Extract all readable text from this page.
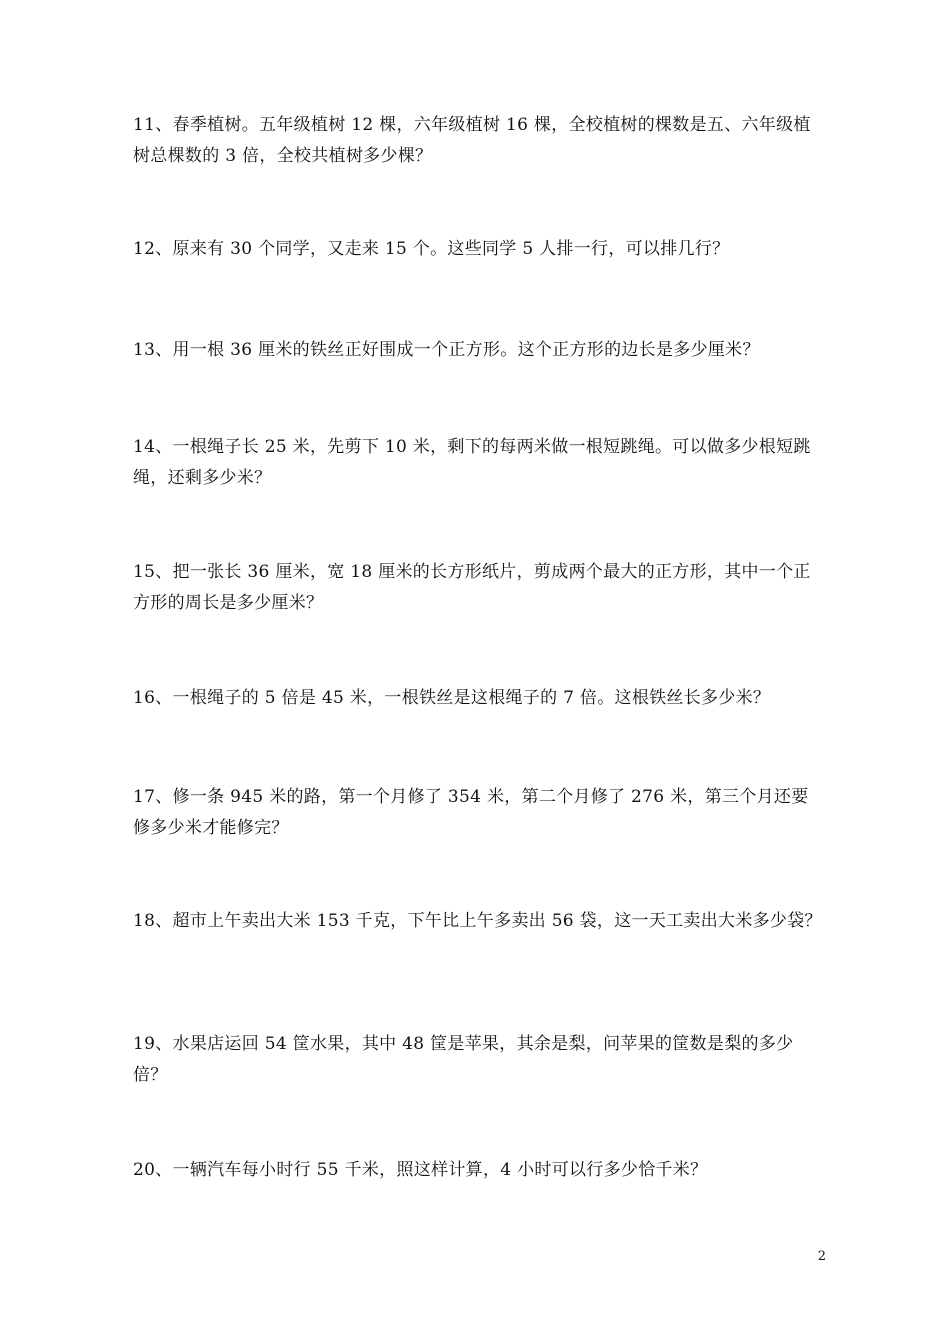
11、春季植树。五年级植树 12 棵，六年级植树 16 棵，全校植树的棵数是五、六年级植树总棵数的 3 倍，全校共植树多少棵？

12、原来有 30 个同学，又走来 15 个。这些同学 5 人排一行，可以排几行？

13、用一根 36 厘米的铁丝正好围成一个正方形。这个正方形的边长是多少厘米？

14、一根绳子长 25 米，先剪下 10 米，剩下的每两米做一根短跳绳。可以做多少根短跳绳，还剩多少米？

15、把一张长 36 厘米，宽 18 厘米的长方形纸片，剪成两个最大的正方形，其中一个正方形的周长是多少厘米？

16、一根绳子的 5 倍是 45 米，一根铁丝是这根绳子的 7 倍。这根铁丝长多少米？

17、修一条 945 米的路，第一个月修了 354 米，第二个月修了 276 米，第三个月还要修多少米才能修完？

18、超市上午卖出大米 153 千克，下午比上午多卖出 56 袋，这一天工卖出大米多少袋？

19、水果店运回 54 筐水果，其中 48 筐是苹果，其余是梨，问苹果的筐数是梨的多少倍？

20、一辆汽车每小时行 55 千米，照这样计算，4 小时可以行多少恰千米？

2
